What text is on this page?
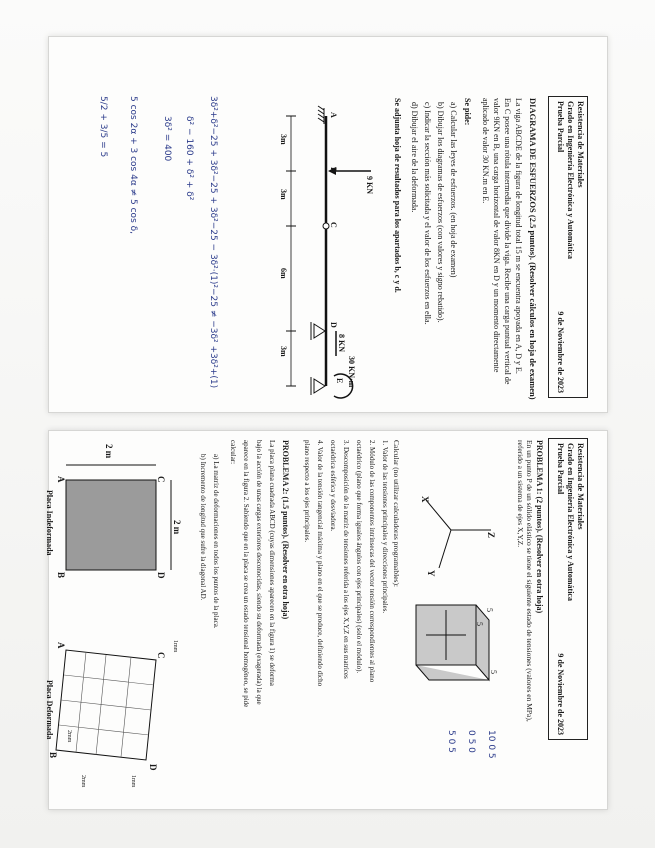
Resistencia de Materiales
Grado en Ingeniería Electrónica y Automática
Prueba Parcial
9 de Noviembre de 2023
DIAGRAMA DE ESFUERZOS (2.5 puntos). (Resolver cálculos en hoja de examen)
La viga ABCDE de la figura de longitud total 15 m se encuentra apoyada en A, D y E.
En C posee una rótula intermedia que divide la viga. Recibe una carga puntual vertical de
valor 9KN en B, una carga horizontal de valor 8KN en D y un momento directamente
aplicado de valor 30 KN.m en E.
Se pide:
a) Calcular las leyes de esfuerzos. (en hoja de examen)
b) Dibujar los diagramas de esfuerzos (con valores y signo rebatido).
c) Indicar la sección más solicitada y el valor de los esfuerzos en ella.
d) Dibujar el aire de la deformada.
Se adjunta hoja de resultados para los apartados b, c y d.
A
B
C
D
E
9 KN
8 KN
30 KN·m
3m
3m
6m
3m
3δ²+δ²−25 + 3δ²−25 + 3δ²−25 − 3δ²·(1)²−25 ≠ −3δ² +3δ²+(1)
δ² − 160 + δ² + δ²
3δ² = 400
5 cos 2α + 3 cos 4α ≠ 5 cos δ,
5/2 + 3/5 = 5
Resistencia de Materiales
Grado en Ingeniería Electrónica y Automática
Prueba Parcial
9 de Noviembre de 2023
PROBLEMA 1: (2 puntos). (Resolver en otra hoja)
En un punto P de un sólido elástico se tiene el siguiente estado de tensiones (valores en MPa),
referido a un sistema de ejes X,Y,Z.
X
Y
Z
5
5
5
10 0 5
0 5 0
5 0 5
Calcular (no utilizar calculadoras programables):
1. Valor de las tensiones principales y direcciones principales.
2. Módulo de las componentes intrínsecas del vector tensión correspondientes al plano
octaédrico (plano que forma iguales ángulos con ejes principales) (solo el módulo).
3. Descomposición de la matriz de tensiones referida a los ejes X,Y,Z en sus matrices
octaédrica esférica y desviadora.
4. Valor de la tensión tangencial máxima y plano en el que se produce, definiendo dicho
plano respecto a los ejes principales.
PROBLEMA 2: (1.5 puntos). (Resolver en otra hoja)
La placa plana cuadrada ABCD (cuyas dimensiones aparecen en la figura 1) se deforma
bajo la acción de unas cargas exteriores desconocidas, siendo su deformada (exagerada) la que
aparece en la figura 2. Sabiendo que en la placa se crea un estado tensional homogéneo, se pide
calcular:
a) La matriz de deformaciones en todos los puntos de la placa.
b) Incremento de longitud que sufre la diagonal AD.
2 m
2 m
C
D
A
B
Placa Indeformada
C
D
A
B
1mm
1mm
2mm
2mm
Placa Deformada
